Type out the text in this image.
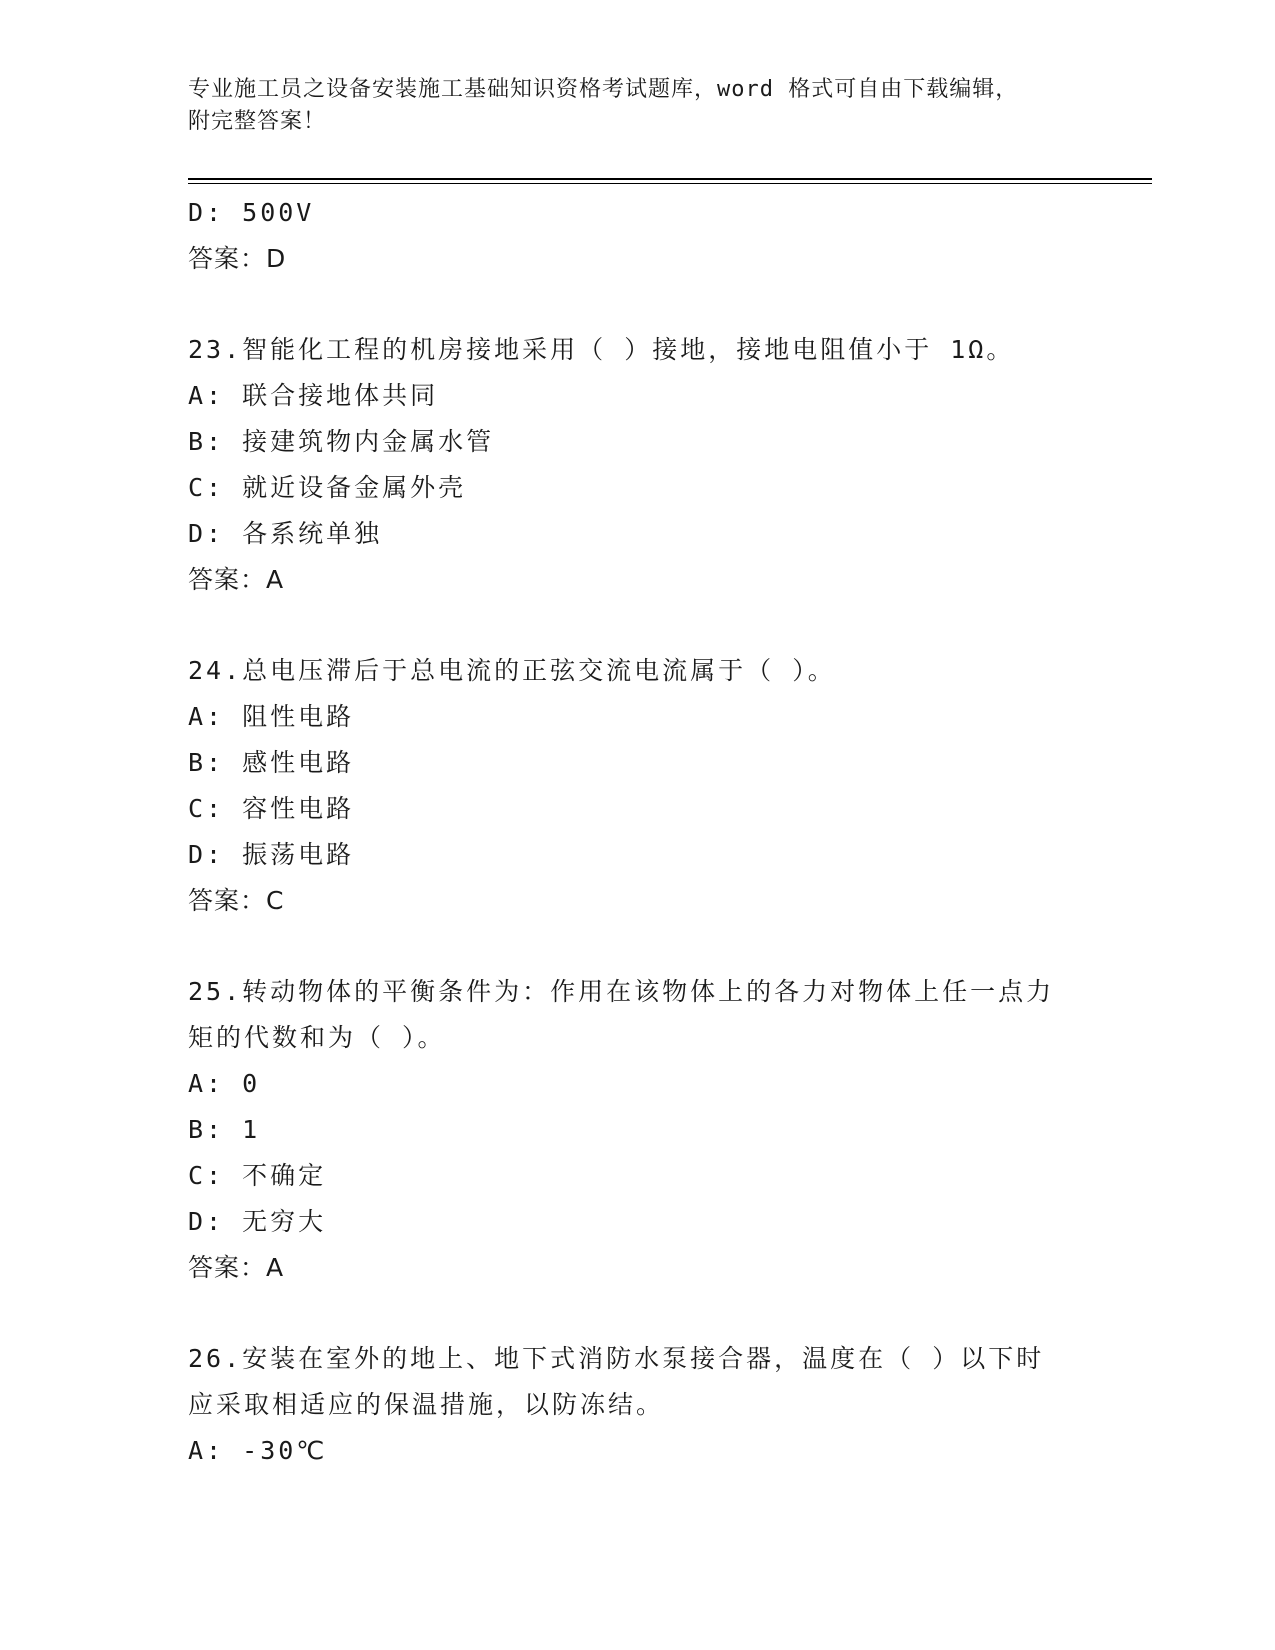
专业施工员之设备安装施工基础知识资格考试题库，word 格式可自由下载编辑，
附完整答案！
D: 500V
答案：D
23.智能化工程的机房接地采用（ ）接地，接地电阻值小于 1Ω。
A: 联合接地体共同
B: 接建筑物内金属水管
C: 就近设备金属外壳
D: 各系统单独
答案：A
24.总电压滞后于总电流的正弦交流电流属于（ ）。
A: 阻性电路
B: 感性电路
C: 容性电路
D: 振荡电路
答案：C
25.转动物体的平衡条件为：作用在该物体上的各力对物体上任一点力
矩的代数和为（ ）。
A: 0
B: 1
C: 不确定
D: 无穷大
答案：A
26.安装在室外的地上、地下式消防水泵接合器，温度在（ ）以下时
应采取相适应的保温措施，以防冻结。
A: -30℃
